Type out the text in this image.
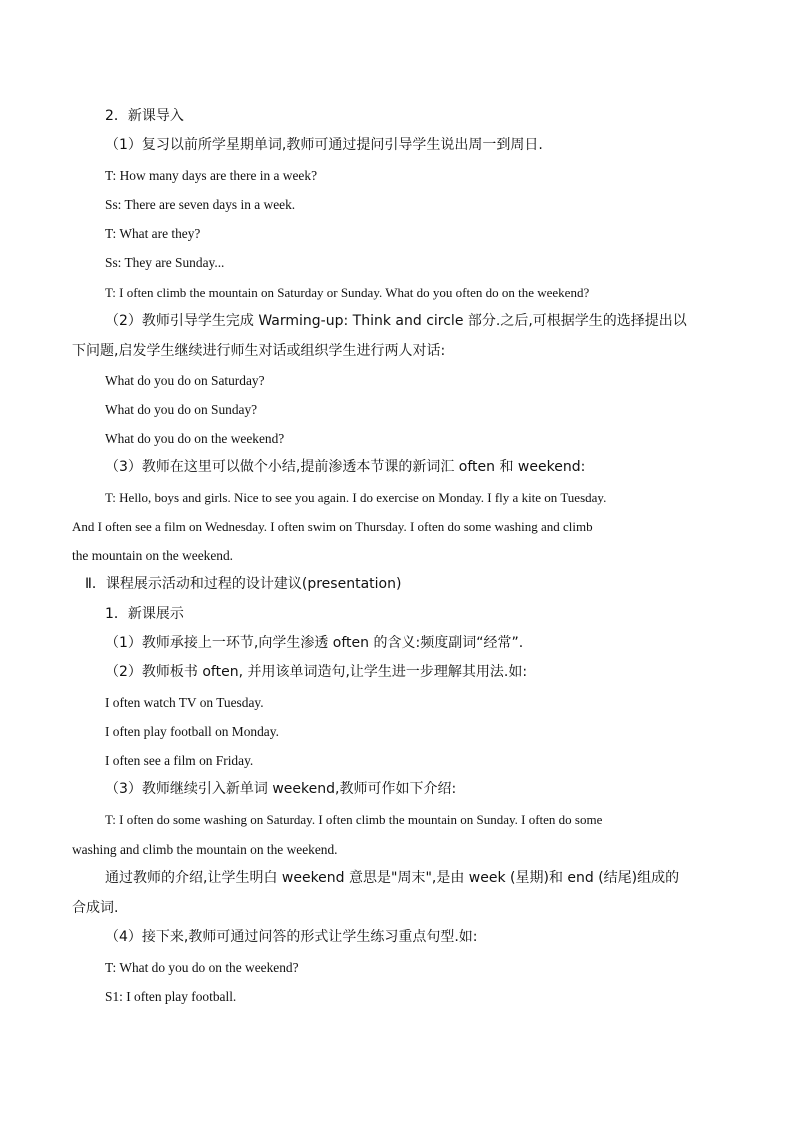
2．新课导入
（1）复习以前所学星期单词,教师可通过提问引导学生说出周一到周日.
T: How many days are there in a week?
Ss: There are seven days in a week.
T: What are they?
Ss: They are Sunday...
T: I often climb the mountain on Saturday or Sunday. What do you often do on the weekend?
（2）教师引导学生完成 Warming-up: Think and circle 部分.之后,可根据学生的选择提出以
下问题,启发学生继续进行师生对话或组织学生进行两人对话:
What do you do on Saturday?
What do you do on Sunday?
What do you do on the weekend?
（3）教师在这里可以做个小结,提前渗透本节课的新词汇 often 和 weekend:
T: Hello, boys and girls. Nice to see you again. I do exercise on Monday. I fly a kite on Tuesday.
And I often see a film on Wednesday. I often swim on Thursday. I often do some washing and climb
the mountain on the weekend.
Ⅱ．课程展示活动和过程的设计建议(presentation)
1．新课展示
（1）教师承接上一环节,向学生渗透 often 的含义:频度副词“经常”.
（2）教师板书 often, 并用该单词造句,让学生进一步理解其用法.如:
I often watch TV on Tuesday.
I often play football on Monday.
I often see a film on Friday.
（3）教师继续引入新单词 weekend,教师可作如下介绍:
T: I often do some washing on Saturday. I often climb the mountain on Sunday. I often do some
washing and climb the mountain on the weekend.
通过教师的介绍,让学生明白 weekend 意思是"周末",是由 week (星期)和 end (结尾)组成的
合成词.
（4）接下来,教师可通过问答的形式让学生练习重点句型.如:
T: What do you do on the weekend?
S1: I often play football.
